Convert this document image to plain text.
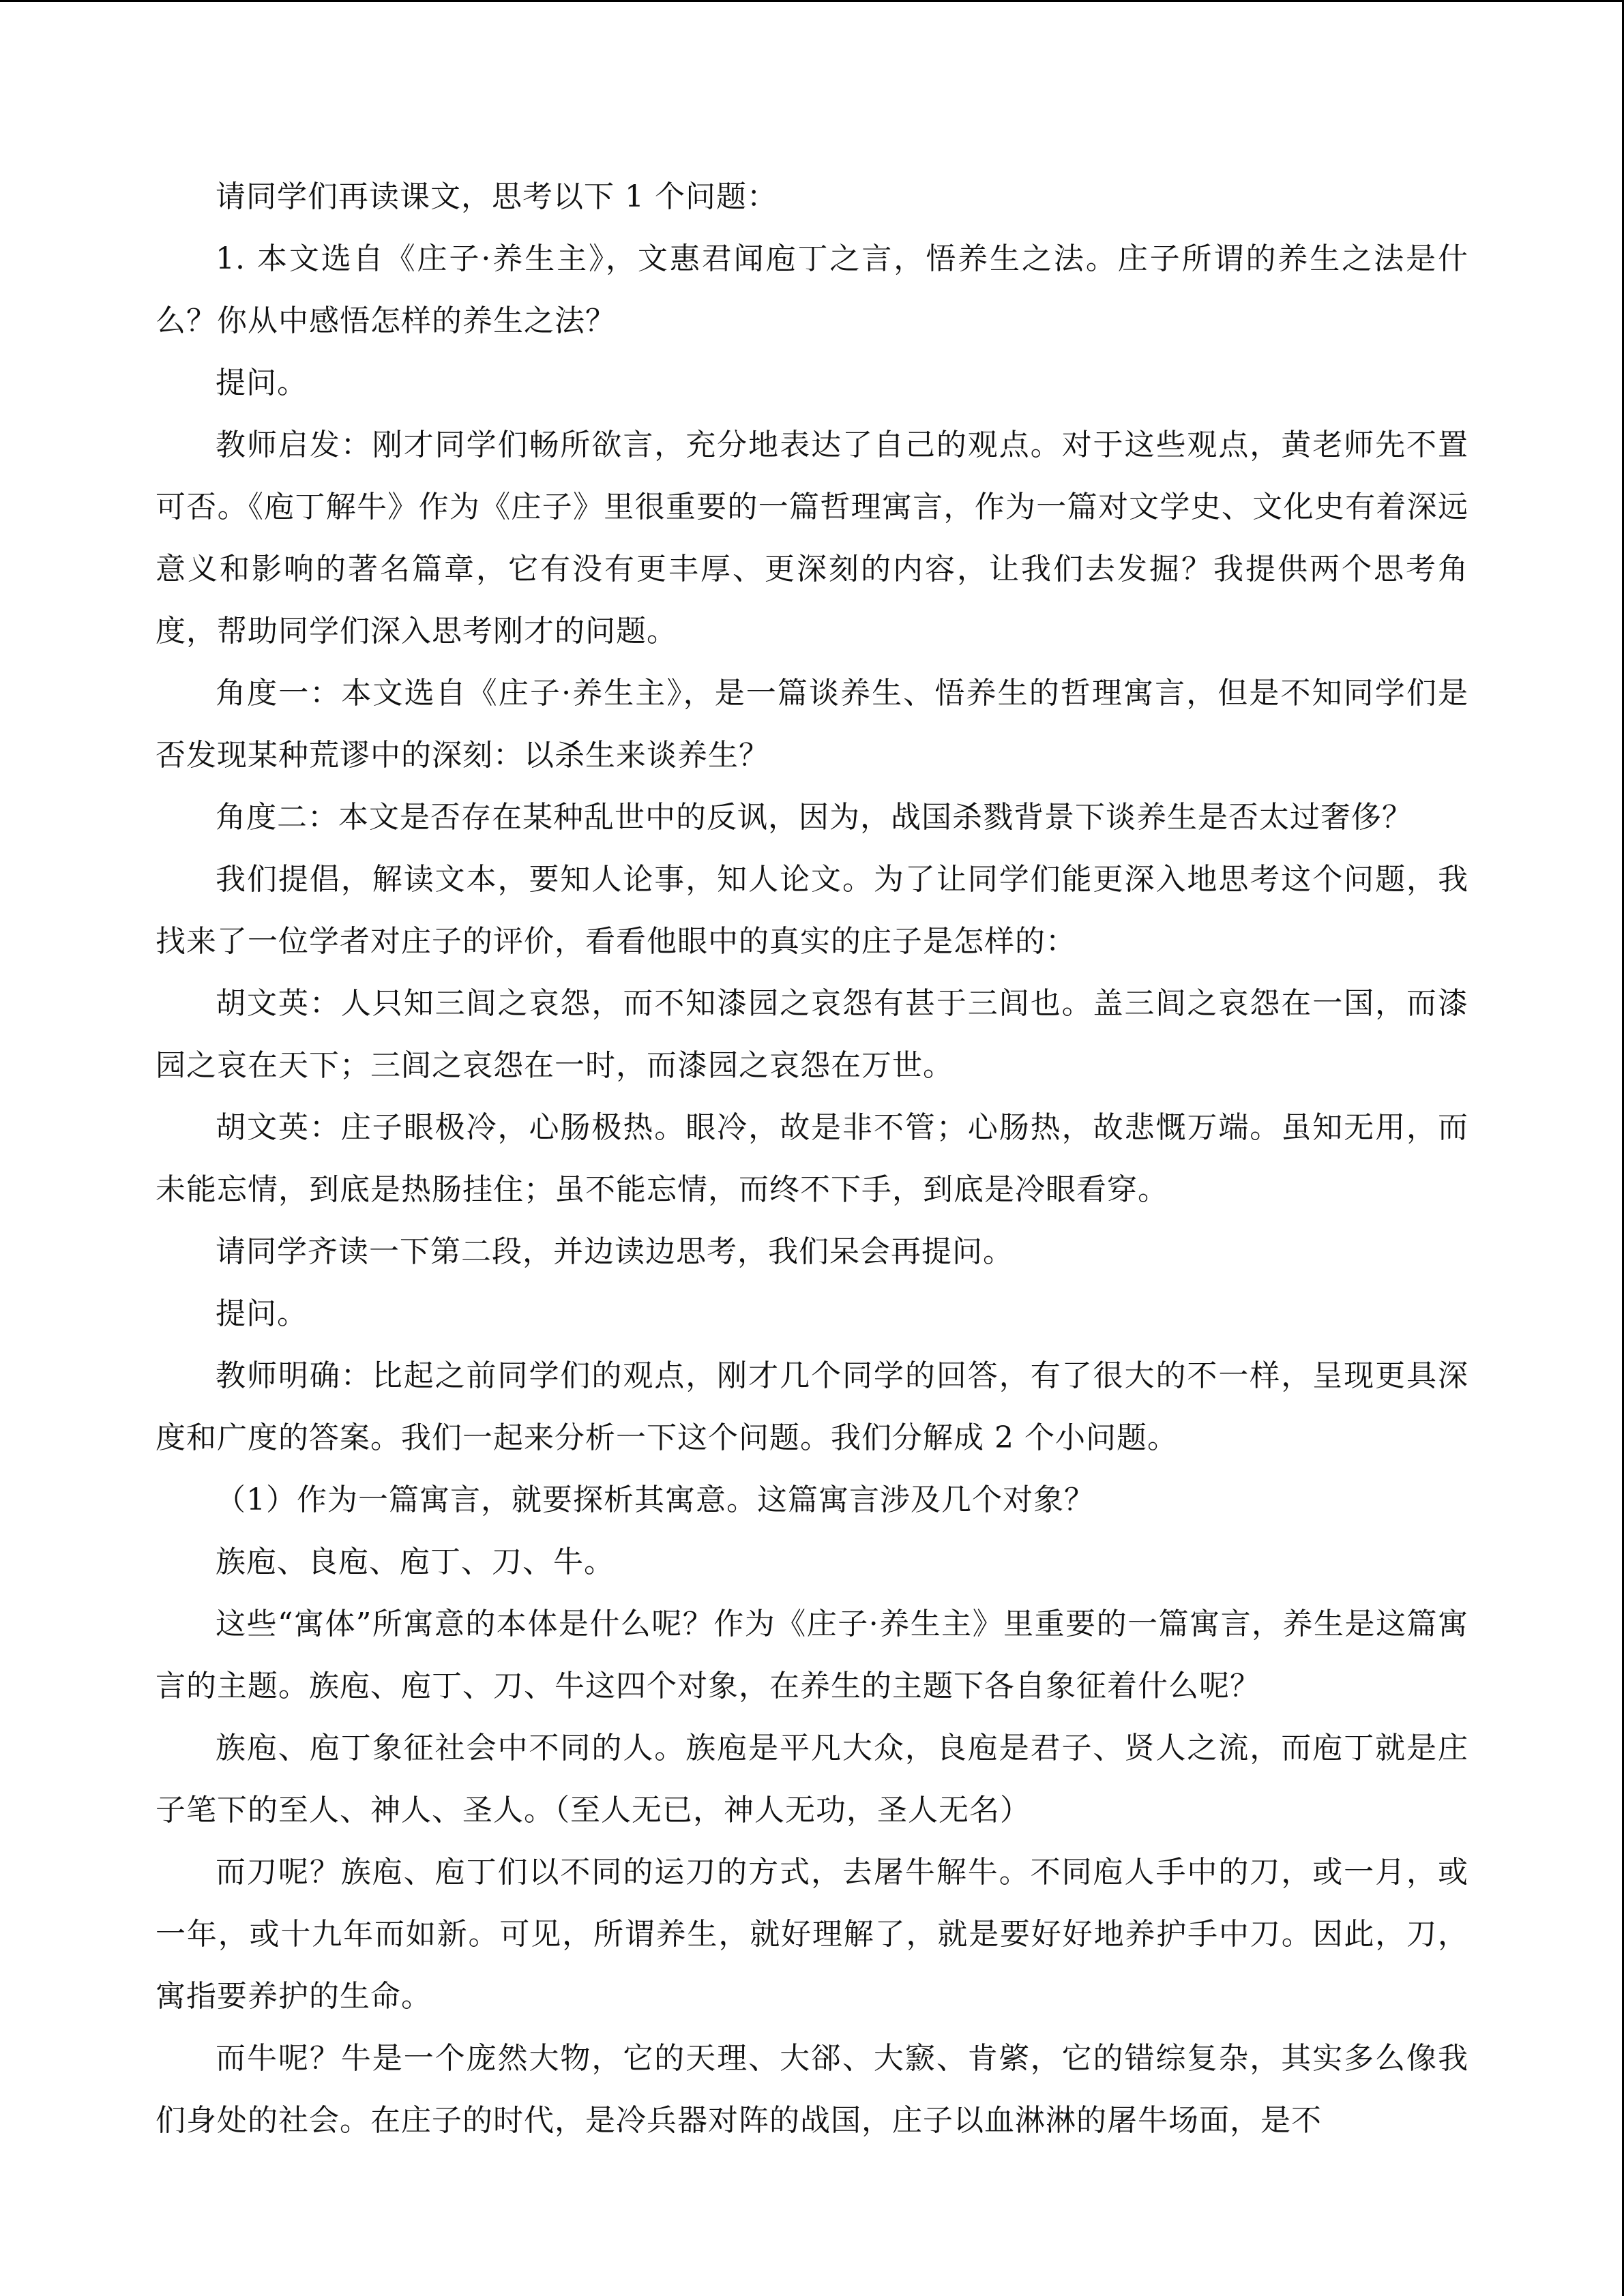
请同学们再读课文，思考以下 1 个问题：

1. 本文选自《庄子·养生主》，文惠君闻庖丁之言，悟养生之法。庄子所谓的养生之法是什么？你从中感悟怎样的养生之法？

提问。

教师启发：刚才同学们畅所欲言，充分地表达了自己的观点。对于这些观点，黄老师先不置可否。《庖丁解牛》作为《庄子》里很重要的一篇哲理寓言，作为一篇对文学史、文化史有着深远意义和影响的著名篇章，它有没有更丰厚、更深刻的内容，让我们去发掘？我提供两个思考角度，帮助同学们深入思考刚才的问题。

角度一：本文选自《庄子·养生主》，是一篇谈养生、悟养生的哲理寓言，但是不知同学们是否发现某种荒谬中的深刻：以杀生来谈养生？

角度二：本文是否存在某种乱世中的反讽，因为，战国杀戮背景下谈养生是否太过奢侈？

我们提倡，解读文本，要知人论事，知人论文。为了让同学们能更深入地思考这个问题，我找来了一位学者对庄子的评价，看看他眼中的真实的庄子是怎样的：

胡文英：人只知三闾之哀怨，而不知漆园之哀怨有甚于三闾也。盖三闾之哀怨在一国，而漆园之哀在天下；三闾之哀怨在一时，而漆园之哀怨在万世。

胡文英：庄子眼极冷，心肠极热。眼冷，故是非不管；心肠热，故悲慨万端。虽知无用，而未能忘情，到底是热肠挂住；虽不能忘情，而终不下手，到底是冷眼看穿。

请同学齐读一下第二段，并边读边思考，我们呆会再提问。

提问。

教师明确：比起之前同学们的观点，刚才几个同学的回答，有了很大的不一样，呈现更具深度和广度的答案。我们一起来分析一下这个问题。我们分解成 2 个小问题。

（1）作为一篇寓言，就要探析其寓意。这篇寓言涉及几个对象？

族庖、良庖、庖丁、刀、牛。

这些“寓体”所寓意的本体是什么呢？作为《庄子·养生主》里重要的一篇寓言，养生是这篇寓言的主题。族庖、庖丁、刀、牛这四个对象，在养生的主题下各自象征着什么呢？

族庖、庖丁象征社会中不同的人。族庖是平凡大众，良庖是君子、贤人之流，而庖丁就是庄子笔下的至人、神人、圣人。（至人无已，神人无功，圣人无名）

而刀呢？族庖、庖丁们以不同的运刀的方式，去屠牛解牛。不同庖人手中的刀，或一月，或一年，或十九年而如新。可见，所谓养生，就好理解了，就是要好好地养护手中刀。因此，刀，寓指要养护的生命。

而牛呢？牛是一个庞然大物，它的天理、大郤、大窾、肯綮，它的错综复杂，其实多么像我们身处的社会。在庄子的时代，是冷兵器对阵的战国，庄子以血淋淋的屠牛场面，是不
